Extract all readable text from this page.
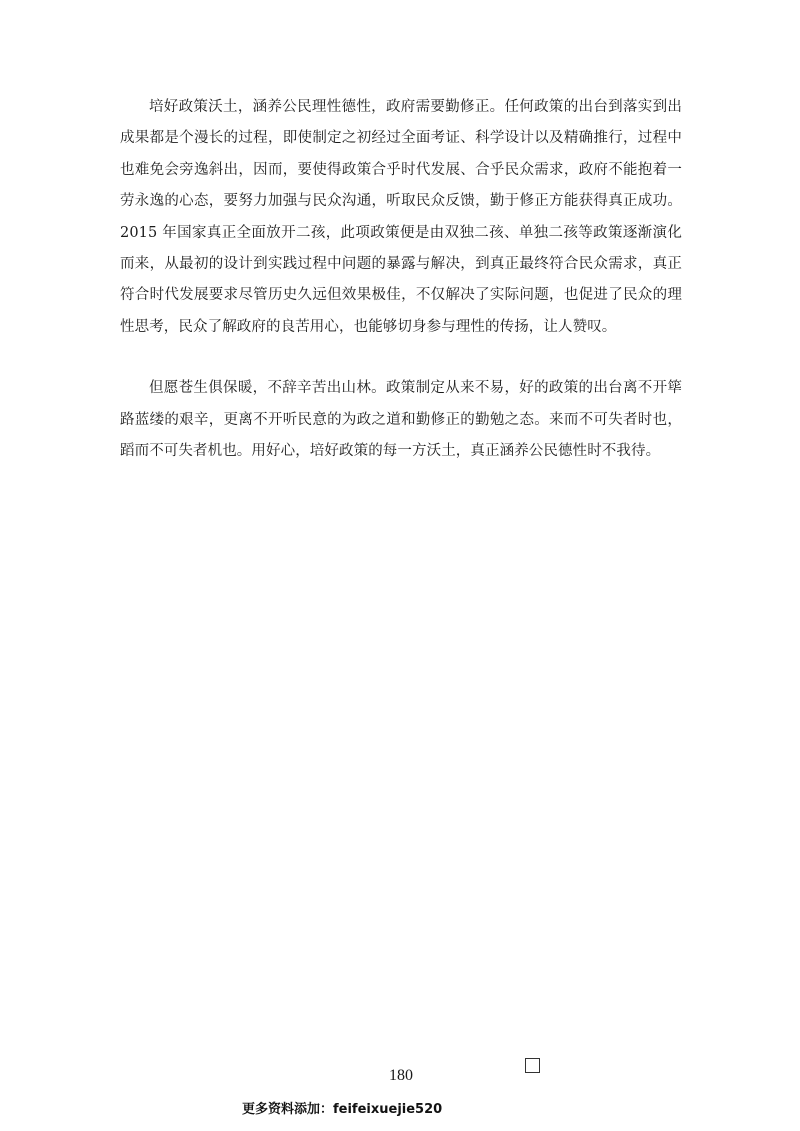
培好政策沃土，涵养公民理性德性，政府需要勤修正。任何政策的出台到落实到出成果都是个漫长的过程，即使制定之初经过全面考证、科学设计以及精确推行，过程中也难免会旁逸斜出，因而，要使得政策合乎时代发展、合乎民众需求，政府不能抱着一劳永逸的心态，要努力加强与民众沟通，听取民众反馈，勤于修正方能获得真正成功。2015 年国家真正全面放开二孩，此项政策便是由双独二孩、单独二孩等政策逐渐演化而来，从最初的设计到实践过程中问题的暴露与解决，到真正最终符合民众需求，真正符合时代发展要求尽管历史久远但效果极佳，不仅解决了实际问题，也促进了民众的理性思考，民众了解政府的良苦用心，也能够切身参与理性的传扬，让人赞叹。

但愿苍生俱保暖，不辞辛苦出山林。政策制定从来不易，好的政策的出台离不开筚路蓝缕的艰辛，更离不开听民意的为政之道和勤修正的勤勉之态。来而不可失者时也，蹈而不可失者机也。用好心，培好政策的每一方沃土，真正涵养公民德性时不我待。

180
更多资料添加：feifeixuejie520
